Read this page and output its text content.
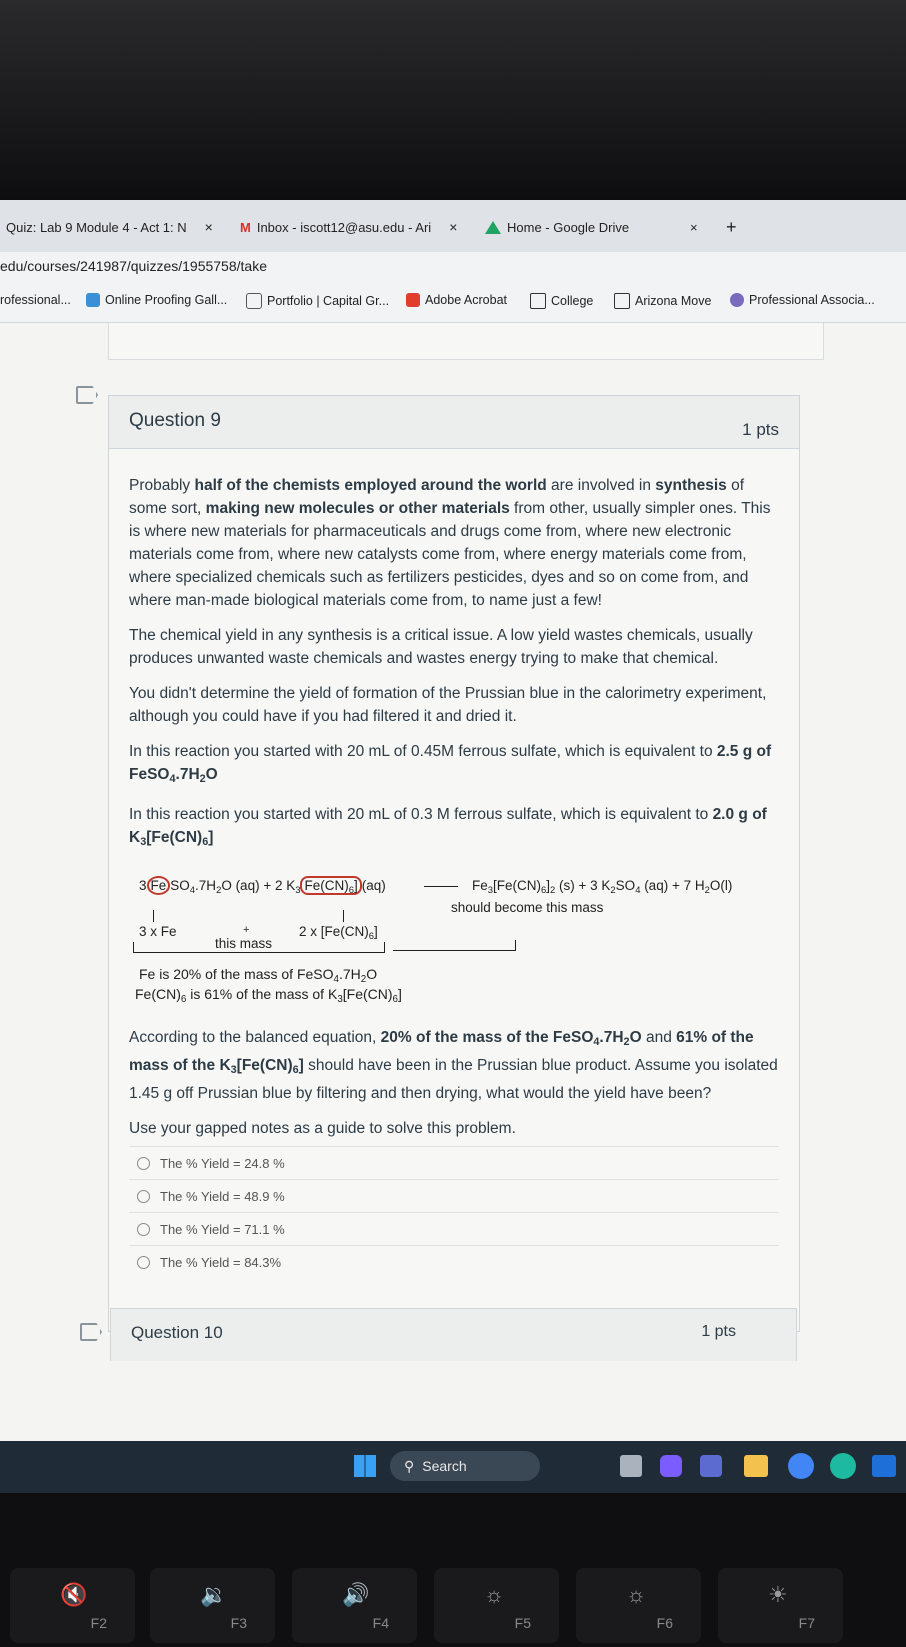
Quiz: Lab 9 Module 4 - Act 1: N × M Inbox - iscott12@asu.edu - Ari ×	Home - Google Drive	× +
edu/courses/241987/quizzes/1955758/take
rofessional...	Online Proofing Gall...	Portfolio | Capital Gr...	Adobe Acrobat	College	Arizona Move	Professional Associa...
Question 9	1 pts

Probably half of the chemists employed around the world are involved in synthesis of some sort, making new molecules or other materials from other, usually simpler ones. This is where new materials for pharmaceuticals and drugs come from, where new electronic materials come from, where new catalysts come from, where energy materials come from, where specialized chemicals such as fertilizers pesticides, dyes and so on come from, and where man-made biological materials come from, to name just a few!

The chemical yield in any synthesis is a critical issue. A low yield wastes chemicals, usually produces unwanted waste chemicals and wastes energy trying to make that chemical.

You didn't determine the yield of formation of the Prussian blue in the calorimetry experiment, although you could have if you had filtered it and dried it.

In this reaction you started with 20 mL of 0.45M ferrous sulfate, which is equivalent to 2.5 g of $FeSO_4.7H_2O$

In this reaction you started with 20 mL of 0.3 M ferrous sulfate, which is equivalent to 2.0 g of $K_3[Fe(CN)_6]$

3 Fe $SO_4.7H_2O$ (aq) + 2 $K_3$ $Fe(CN)_6$] (aq)	$Fe_3[Fe(CN)_6]_2$ (s) + 3 $K_2SO_4$ (aq) + 7 $H_2O(l)$
should become this mass
3 x Fe	+
this mass
2 x $[Fe(CN)_6]$
Fe is 20% of the mass of $FeSO_4.7H_2O$
$Fe(CN)_6$ is 61% of the mass of $K_3[Fe(CN)_6]$

According to the balanced equation, 20% of the mass of the $FeSO_4.7H_2O$ and 61% of the mass of the $K_3[Fe(CN)_6]$ should have been in the Prussian blue product. Assume you isolated 1.45 g off Prussian blue by filtering and then drying, what would the yield have been?

Use your gapped notes as a guide to solve this problem.

The % Yield = 24.8 %
The % Yield = 48.9 %
The % Yield = 71.1 %
The % Yield = 84.3%
Question 10	1 pts
⚲ Search
🔇
F2
🔉
F3
🔊
F4
☼
F5
☼
F6
☀
F7
